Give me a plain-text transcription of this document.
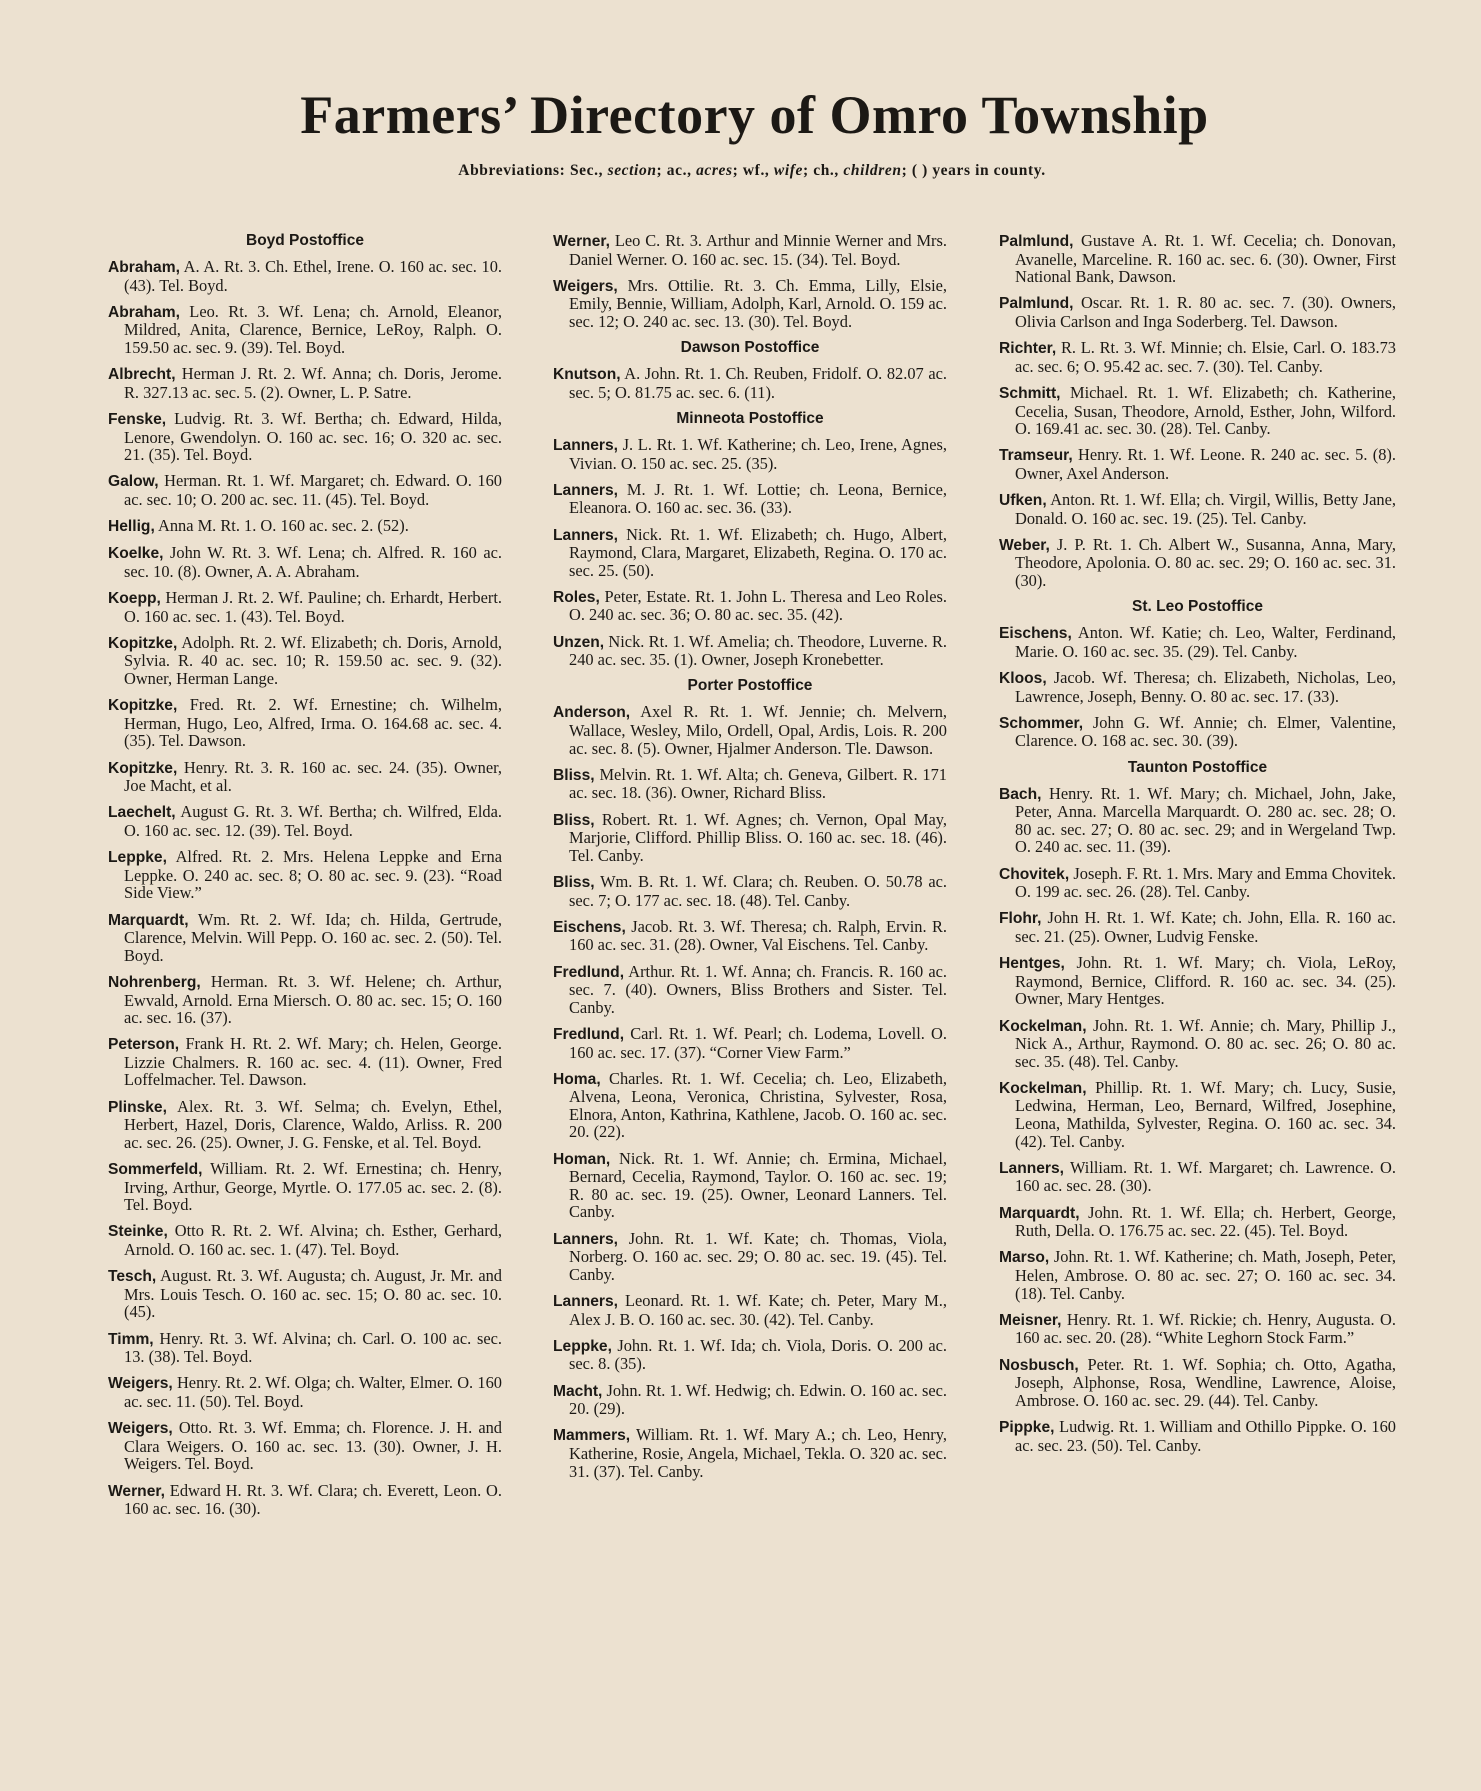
Farmers’ Directory of Omro Township
Abbreviations: Sec., section; ac., acres; wf., wife; ch., children; ( ) years in county.
Boyd Postoffice

Abraham, A. A. Rt. 3. Ch. Ethel, Irene. O. 160 ac. sec. 10. (43). Tel. Boyd.

Abraham, Leo. Rt. 3. Wf. Lena; ch. Arnold, Eleanor, Mildred, Anita, Clarence, Bernice, LeRoy, Ralph. O. 159.50 ac. sec. 9. (39). Tel. Boyd.

Albrecht, Herman J. Rt. 2. Wf. Anna; ch. Doris, Jerome. R. 327.13 ac. sec. 5. (2). Owner, L. P. Satre.

Fenske, Ludvig. Rt. 3. Wf. Bertha; ch. Edward, Hilda, Lenore, Gwendolyn. O. 160 ac. sec. 16; O. 320 ac. sec. 21. (35). Tel. Boyd.

Galow, Herman. Rt. 1. Wf. Margaret; ch. Edward. O. 160 ac. sec. 10; O. 200 ac. sec. 11. (45). Tel. Boyd.

Hellig, Anna M. Rt. 1. O. 160 ac. sec. 2. (52).

Koelke, John W. Rt. 3. Wf. Lena; ch. Alfred. R. 160 ac. sec. 10. (8). Owner, A. A. Abraham.

Koepp, Herman J. Rt. 2. Wf. Pauline; ch. Erhardt, Herbert. O. 160 ac. sec. 1. (43). Tel. Boyd.

Kopitzke, Adolph. Rt. 2. Wf. Elizabeth; ch. Doris, Arnold, Sylvia. R. 40 ac. sec. 10; R. 159.50 ac. sec. 9. (32). Owner, Herman Lange.

Kopitzke, Fred. Rt. 2. Wf. Ernestine; ch. Wilhelm, Herman, Hugo, Leo, Alfred, Irma. O. 164.68 ac. sec. 4. (35). Tel. Dawson.

Kopitzke, Henry. Rt. 3. R. 160 ac. sec. 24. (35). Owner, Joe Macht, et al.

Laechelt, August G. Rt. 3. Wf. Bertha; ch. Wilfred, Elda. O. 160 ac. sec. 12. (39). Tel. Boyd.

Leppke, Alfred. Rt. 2. Mrs. Helena Leppke and Erna Leppke. O. 240 ac. sec. 8; O. 80 ac. sec. 9. (23). “Road Side View.”

Marquardt, Wm. Rt. 2. Wf. Ida; ch. Hilda, Gertrude, Clarence, Melvin. Will Pepp. O. 160 ac. sec. 2. (50). Tel. Boyd.

Nohrenberg, Herman. Rt. 3. Wf. Helene; ch. Arthur, Ewvald, Arnold. Erna Miersch. O. 80 ac. sec. 15; O. 160 ac. sec. 16. (37).

Peterson, Frank H. Rt. 2. Wf. Mary; ch. Helen, George. Lizzie Chalmers. R. 160 ac. sec. 4. (11). Owner, Fred Loffelmacher. Tel. Dawson.

Plinske, Alex. Rt. 3. Wf. Selma; ch. Evelyn, Ethel, Herbert, Hazel, Doris, Clarence, Waldo, Arliss. R. 200 ac. sec. 26. (25). Owner, J. G. Fenske, et al. Tel. Boyd.

Sommerfeld, William. Rt. 2. Wf. Ernestina; ch. Henry, Irving, Arthur, George, Myrtle. O. 177.05 ac. sec. 2. (8). Tel. Boyd.

Steinke, Otto R. Rt. 2. Wf. Alvina; ch. Esther, Gerhard, Arnold. O. 160 ac. sec. 1. (47). Tel. Boyd.

Tesch, August. Rt. 3. Wf. Augusta; ch. August, Jr. Mr. and Mrs. Louis Tesch. O. 160 ac. sec. 15; O. 80 ac. sec. 10. (45).

Timm, Henry. Rt. 3. Wf. Alvina; ch. Carl. O. 100 ac. sec. 13. (38). Tel. Boyd.

Weigers, Henry. Rt. 2. Wf. Olga; ch. Walter, Elmer. O. 160 ac. sec. 11. (50). Tel. Boyd.

Weigers, Otto. Rt. 3. Wf. Emma; ch. Florence. J. H. and Clara Weigers. O. 160 ac. sec. 13. (30). Owner, J. H. Weigers. Tel. Boyd.

Werner, Edward H. Rt. 3. Wf. Clara; ch. Everett, Leon. O. 160 ac. sec. 16. (30).

Werner, Leo C. Rt. 3. Arthur and Minnie Werner and Mrs. Daniel Werner. O. 160 ac. sec. 15. (34). Tel. Boyd.

Weigers, Mrs. Ottilie. Rt. 3. Ch. Emma, Lilly, Elsie, Emily, Bennie, William, Adolph, Karl, Arnold. O. 159 ac. sec. 12; O. 240 ac. sec. 13. (30). Tel. Boyd.

Dawson Postoffice

Knutson, A. John. Rt. 1. Ch. Reuben, Fridolf. O. 82.07 ac. sec. 5; O. 81.75 ac. sec. 6. (11).

Minneota Postoffice

Lanners, J. L. Rt. 1. Wf. Katherine; ch. Leo, Irene, Agnes, Vivian. O. 150 ac. sec. 25. (35).

Lanners, M. J. Rt. 1. Wf. Lottie; ch. Leona, Bernice, Eleanora. O. 160 ac. sec. 36. (33).

Lanners, Nick. Rt. 1. Wf. Elizabeth; ch. Hugo, Albert, Raymond, Clara, Margaret, Elizabeth, Regina. O. 170 ac. sec. 25. (50).

Roles, Peter, Estate. Rt. 1. John L. Theresa and Leo Roles. O. 240 ac. sec. 36; O. 80 ac. sec. 35. (42).

Unzen, Nick. Rt. 1. Wf. Amelia; ch. Theodore, Luverne. R. 240 ac. sec. 35. (1). Owner, Joseph Kronebetter.

Porter Postoffice

Anderson, Axel R. Rt. 1. Wf. Jennie; ch. Melvern, Wallace, Wesley, Milo, Ordell, Opal, Ardis, Lois. R. 200 ac. sec. 8. (5). Owner, Hjalmer Anderson. Tle. Dawson.

Bliss, Melvin. Rt. 1. Wf. Alta; ch. Geneva, Gilbert. R. 171 ac. sec. 18. (36). Owner, Richard Bliss.

Bliss, Robert. Rt. 1. Wf. Agnes; ch. Vernon, Opal May, Marjorie, Clifford. Phillip Bliss. O. 160 ac. sec. 18. (46). Tel. Canby.

Bliss, Wm. B. Rt. 1. Wf. Clara; ch. Reuben. O. 50.78 ac. sec. 7; O. 177 ac. sec. 18. (48). Tel. Canby.

Eischens, Jacob. Rt. 3. Wf. Theresa; ch. Ralph, Ervin. R. 160 ac. sec. 31. (28). Owner, Val Eischens. Tel. Canby.

Fredlund, Arthur. Rt. 1. Wf. Anna; ch. Francis. R. 160 ac. sec. 7. (40). Owners, Bliss Brothers and Sister. Tel. Canby.

Fredlund, Carl. Rt. 1. Wf. Pearl; ch. Lodema, Lovell. O. 160 ac. sec. 17. (37). “Corner View Farm.”

Homa, Charles. Rt. 1. Wf. Cecelia; ch. Leo, Elizabeth, Alvena, Leona, Veronica, Christina, Sylvester, Rosa, Elnora, Anton, Kathrina, Kathlene, Jacob. O. 160 ac. sec. 20. (22).

Homan, Nick. Rt. 1. Wf. Annie; ch. Ermina, Michael, Bernard, Cecelia, Raymond, Taylor. O. 160 ac. sec. 19; R. 80 ac. sec. 19. (25). Owner, Leonard Lanners. Tel. Canby.

Lanners, John. Rt. 1. Wf. Kate; ch. Thomas, Viola, Norberg. O. 160 ac. sec. 29; O. 80 ac. sec. 19. (45). Tel. Canby.

Lanners, Leonard. Rt. 1. Wf. Kate; ch. Peter, Mary M., Alex J. B. O. 160 ac. sec. 30. (42). Tel. Canby.

Leppke, John. Rt. 1. Wf. Ida; ch. Viola, Doris. O. 200 ac. sec. 8. (35).

Macht, John. Rt. 1. Wf. Hedwig; ch. Edwin. O. 160 ac. sec. 20. (29).

Mammers, William. Rt. 1. Wf. Mary A.; ch. Leo, Henry, Katherine, Rosie, Angela, Michael, Tekla. O. 320 ac. sec. 31. (37). Tel. Canby.

Palmlund, Gustave A. Rt. 1. Wf. Cecelia; ch. Donovan, Avanelle, Marceline. R. 160 ac. sec. 6. (30). Owner, First National Bank, Dawson.

Palmlund, Oscar. Rt. 1. R. 80 ac. sec. 7. (30). Owners, Olivia Carlson and Inga Soderberg. Tel. Dawson.

Richter, R. L. Rt. 3. Wf. Minnie; ch. Elsie, Carl. O. 183.73 ac. sec. 6; O. 95.42 ac. sec. 7. (30). Tel. Canby.

Schmitt, Michael. Rt. 1. Wf. Elizabeth; ch. Katherine, Cecelia, Susan, Theodore, Arnold, Esther, John, Wilford. O. 169.41 ac. sec. 30. (28). Tel. Canby.

Tramseur, Henry. Rt. 1. Wf. Leone. R. 240 ac. sec. 5. (8). Owner, Axel Anderson.

Ufken, Anton. Rt. 1. Wf. Ella; ch. Virgil, Willis, Betty Jane, Donald. O. 160 ac. sec. 19. (25). Tel. Canby.

Weber, J. P. Rt. 1. Ch. Albert W., Susanna, Anna, Mary, Theodore, Apolonia. O. 80 ac. sec. 29; O. 160 ac. sec. 31. (30).

St. Leo Postoffice

Eischens, Anton. Wf. Katie; ch. Leo, Walter, Ferdinand, Marie. O. 160 ac. sec. 35. (29). Tel. Canby.

Kloos, Jacob. Wf. Theresa; ch. Elizabeth, Nicholas, Leo, Lawrence, Joseph, Benny. O. 80 ac. sec. 17. (33).

Schommer, John G. Wf. Annie; ch. Elmer, Valentine, Clarence. O. 168 ac. sec. 30. (39).

Taunton Postoffice

Bach, Henry. Rt. 1. Wf. Mary; ch. Michael, John, Jake, Peter, Anna. Marcella Marquardt. O. 280 ac. sec. 28; O. 80 ac. sec. 27; O. 80 ac. sec. 29; and in Wergeland Twp. O. 240 ac. sec. 11. (39).

Chovitek, Joseph. F. Rt. 1. Mrs. Mary and Emma Chovitek. O. 199 ac. sec. 26. (28). Tel. Canby.

Flohr, John H. Rt. 1. Wf. Kate; ch. John, Ella. R. 160 ac. sec. 21. (25). Owner, Ludvig Fenske.

Hentges, John. Rt. 1. Wf. Mary; ch. Viola, LeRoy, Raymond, Bernice, Clifford. R. 160 ac. sec. 34. (25). Owner, Mary Hentges.

Kockelman, John. Rt. 1. Wf. Annie; ch. Mary, Phillip J., Nick A., Arthur, Raymond. O. 80 ac. sec. 26; O. 80 ac. sec. 35. (48). Tel. Canby.

Kockelman, Phillip. Rt. 1. Wf. Mary; ch. Lucy, Susie, Ledwina, Herman, Leo, Bernard, Wilfred, Josephine, Leona, Mathilda, Sylvester, Regina. O. 160 ac. sec. 34. (42). Tel. Canby.

Lanners, William. Rt. 1. Wf. Margaret; ch. Lawrence. O. 160 ac. sec. 28. (30).

Marquardt, John. Rt. 1. Wf. Ella; ch. Herbert, George, Ruth, Della. O. 176.75 ac. sec. 22. (45). Tel. Boyd.

Marso, John. Rt. 1. Wf. Katherine; ch. Math, Joseph, Peter, Helen, Ambrose. O. 80 ac. sec. 27; O. 160 ac. sec. 34. (18). Tel. Canby.

Meisner, Henry. Rt. 1. Wf. Rickie; ch. Henry, Augusta. O. 160 ac. sec. 20. (28). “White Leghorn Stock Farm.”

Nosbusch, Peter. Rt. 1. Wf. Sophia; ch. Otto, Agatha, Joseph, Alphonse, Rosa, Wendline, Lawrence, Aloise, Ambrose. O. 160 ac. sec. 29. (44). Tel. Canby.

Pippke, Ludwig. Rt. 1. William and Othillo Pippke. O. 160 ac. sec. 23. (50). Tel. Canby.
